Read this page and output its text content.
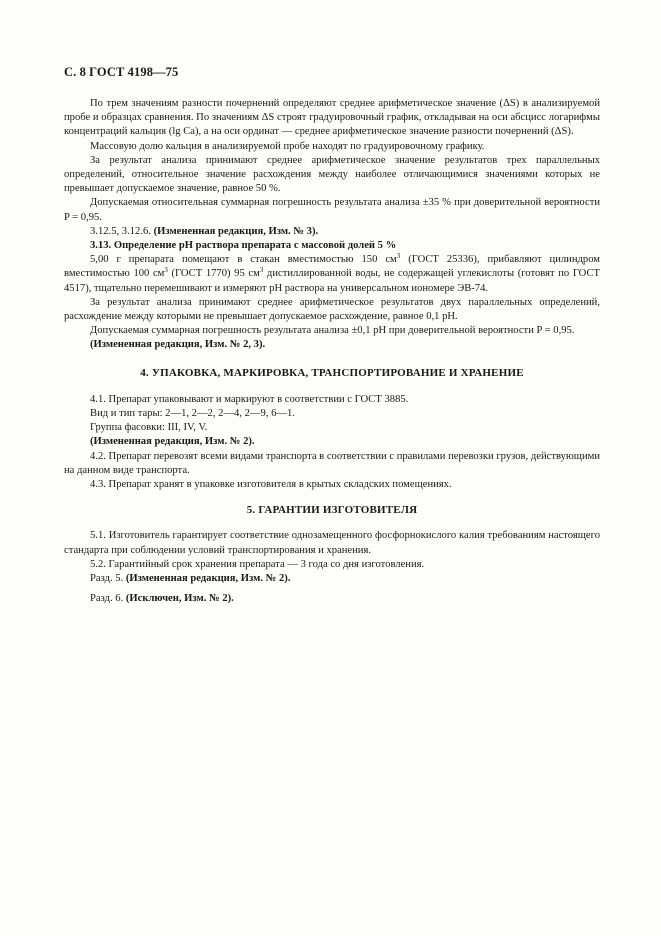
С. 8 ГОСТ 4198—75

По трем значениям разности почернений определяют среднее арифметическое значение (ΔS) в анализируемой пробе и образцах сравнения. По значениям ΔS строят градуировочный график, откладывая на оси абсцисс логарифмы концентраций кальция (lg Ca), а на оси ординат — среднее арифметическое значение разности почернений (ΔS).

Массовую долю кальция в анализируемой пробе находят по градуировочному графику.

За результат анализа принимают среднее арифметическое значение результатов трех параллельных определений, относительное значение расхождения между наиболее отличающимися значениями которых не превышает допускаемое значение, равное 50 %.

Допускаемая относительная суммарная погрешность результата анализа ±35 % при доверительной вероятности P = 0,95.

3.12.5, 3.12.6. (Измененная редакция, Изм. № 3).

3.13. Определение pH раствора препарата с массовой долей 5 %

5,00 г препарата помещают в стакан вместимостью 150 $см^3$ (ГОСТ 25336), прибавляют цилиндром вместимостью 100 $см^3$ (ГОСТ 1770) 95 $см^3$ дистиллированной воды, не содержащей углекислоты (готовят по ГОСТ 4517), тщательно перемешивают и измеряют pH раствора на универсальном иономере ЭВ-74.

За результат анализа принимают среднее арифметическое результатов двух параллельных определений, расхождение между которыми не превышает допускаемое расхождение, равное 0,1 pH.

Допускаемая суммарная погрешность результата анализа ±0,1 pH при доверительной вероятности P = 0,95.

(Измененная редакция, Изм. № 2, 3).

4. УПАКОВКА, МАРКИРОВКА, ТРАНСПОРТИРОВАНИЕ И ХРАНЕНИЕ

4.1. Препарат упаковывают и маркируют в соответствии с ГОСТ 3885.

Вид и тип тары: 2—1, 2—2, 2—4, 2—9, 6—1.

Группа фасовки: III, IV, V.

(Измененная редакция, Изм. № 2).

4.2. Препарат перевозят всеми видами транспорта в соответствии с правилами перевозки грузов, действующими на данном виде транспорта.

4.3. Препарат хранят в упаковке изготовителя в крытых складских помещениях.

5. ГАРАНТИИ ИЗГОТОВИТЕЛЯ

5.1. Изготовитель гарантирует соответствие однозамещенного фосфорнокислого калия требованиям настоящего стандарта при соблюдении условий транспортирования и хранения.

5.2. Гарантийный срок хранения препарата — 3 года со дня изготовления.

Разд. 5. (Измененная редакция, Изм. № 2).

Разд. 6. (Исключен, Изм. № 2).
